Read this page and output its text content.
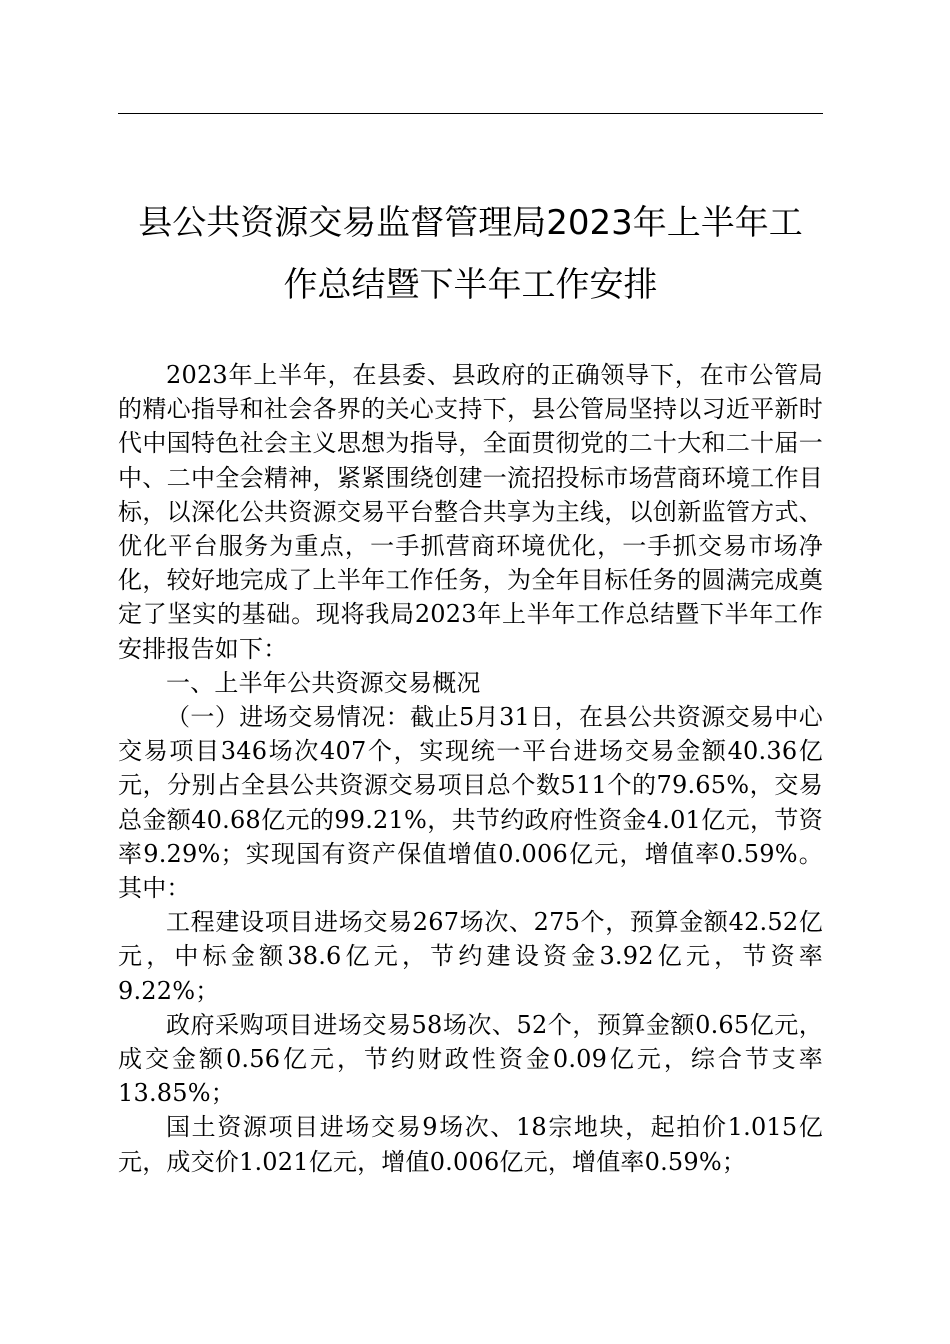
县公共资源交易监督管理局2023年上半年工
作总结暨下半年工作安排

2023年上半年，在县委、县政府的正确领导下，在市公管局的精心指导和社会各界的关心支持下，县公管局坚持以习近平新时代中国特色社会主义思想为指导，全面贯彻党的二十大和二十届一中、二中全会精神，紧紧围绕创建一流招投标市场营商环境工作目标，以深化公共资源交易平台整合共享为主线，以创新监管方式、优化平台服务为重点，一手抓营商环境优化，一手抓交易市场净化，较好地完成了上半年工作任务，为全年目标任务的圆满完成奠定了坚实的基础。现将我局2023年上半年工作总结暨下半年工作安排报告如下：

一、上半年公共资源交易概况

（一）进场交易情况：截止5月31日，在县公共资源交易中心交易项目346场次407个，实现统一平台进场交易金额40.36亿元，分别占全县公共资源交易项目总个数511个的79.65%，交易总金额40.68亿元的99.21%，共节约政府性资金4.01亿元，节资率9.29%；实现国有资产保值增值0.006亿元，增值率0.59%。其中：

工程建设项目进场交易267场次、275个，预算金额42.52亿元，中标金额38.6亿元，节约建设资金3.92亿元，节资率9.22%；

政府采购项目进场交易58场次、52个，预算金额0.65亿元，成交金额0.56亿元，节约财政性资金0.09亿元，综合节支率13.85%；

国土资源项目进场交易9场次、18宗地块，起拍价1.015亿元，成交价1.021亿元，增值0.006亿元，增值率0.59%；
